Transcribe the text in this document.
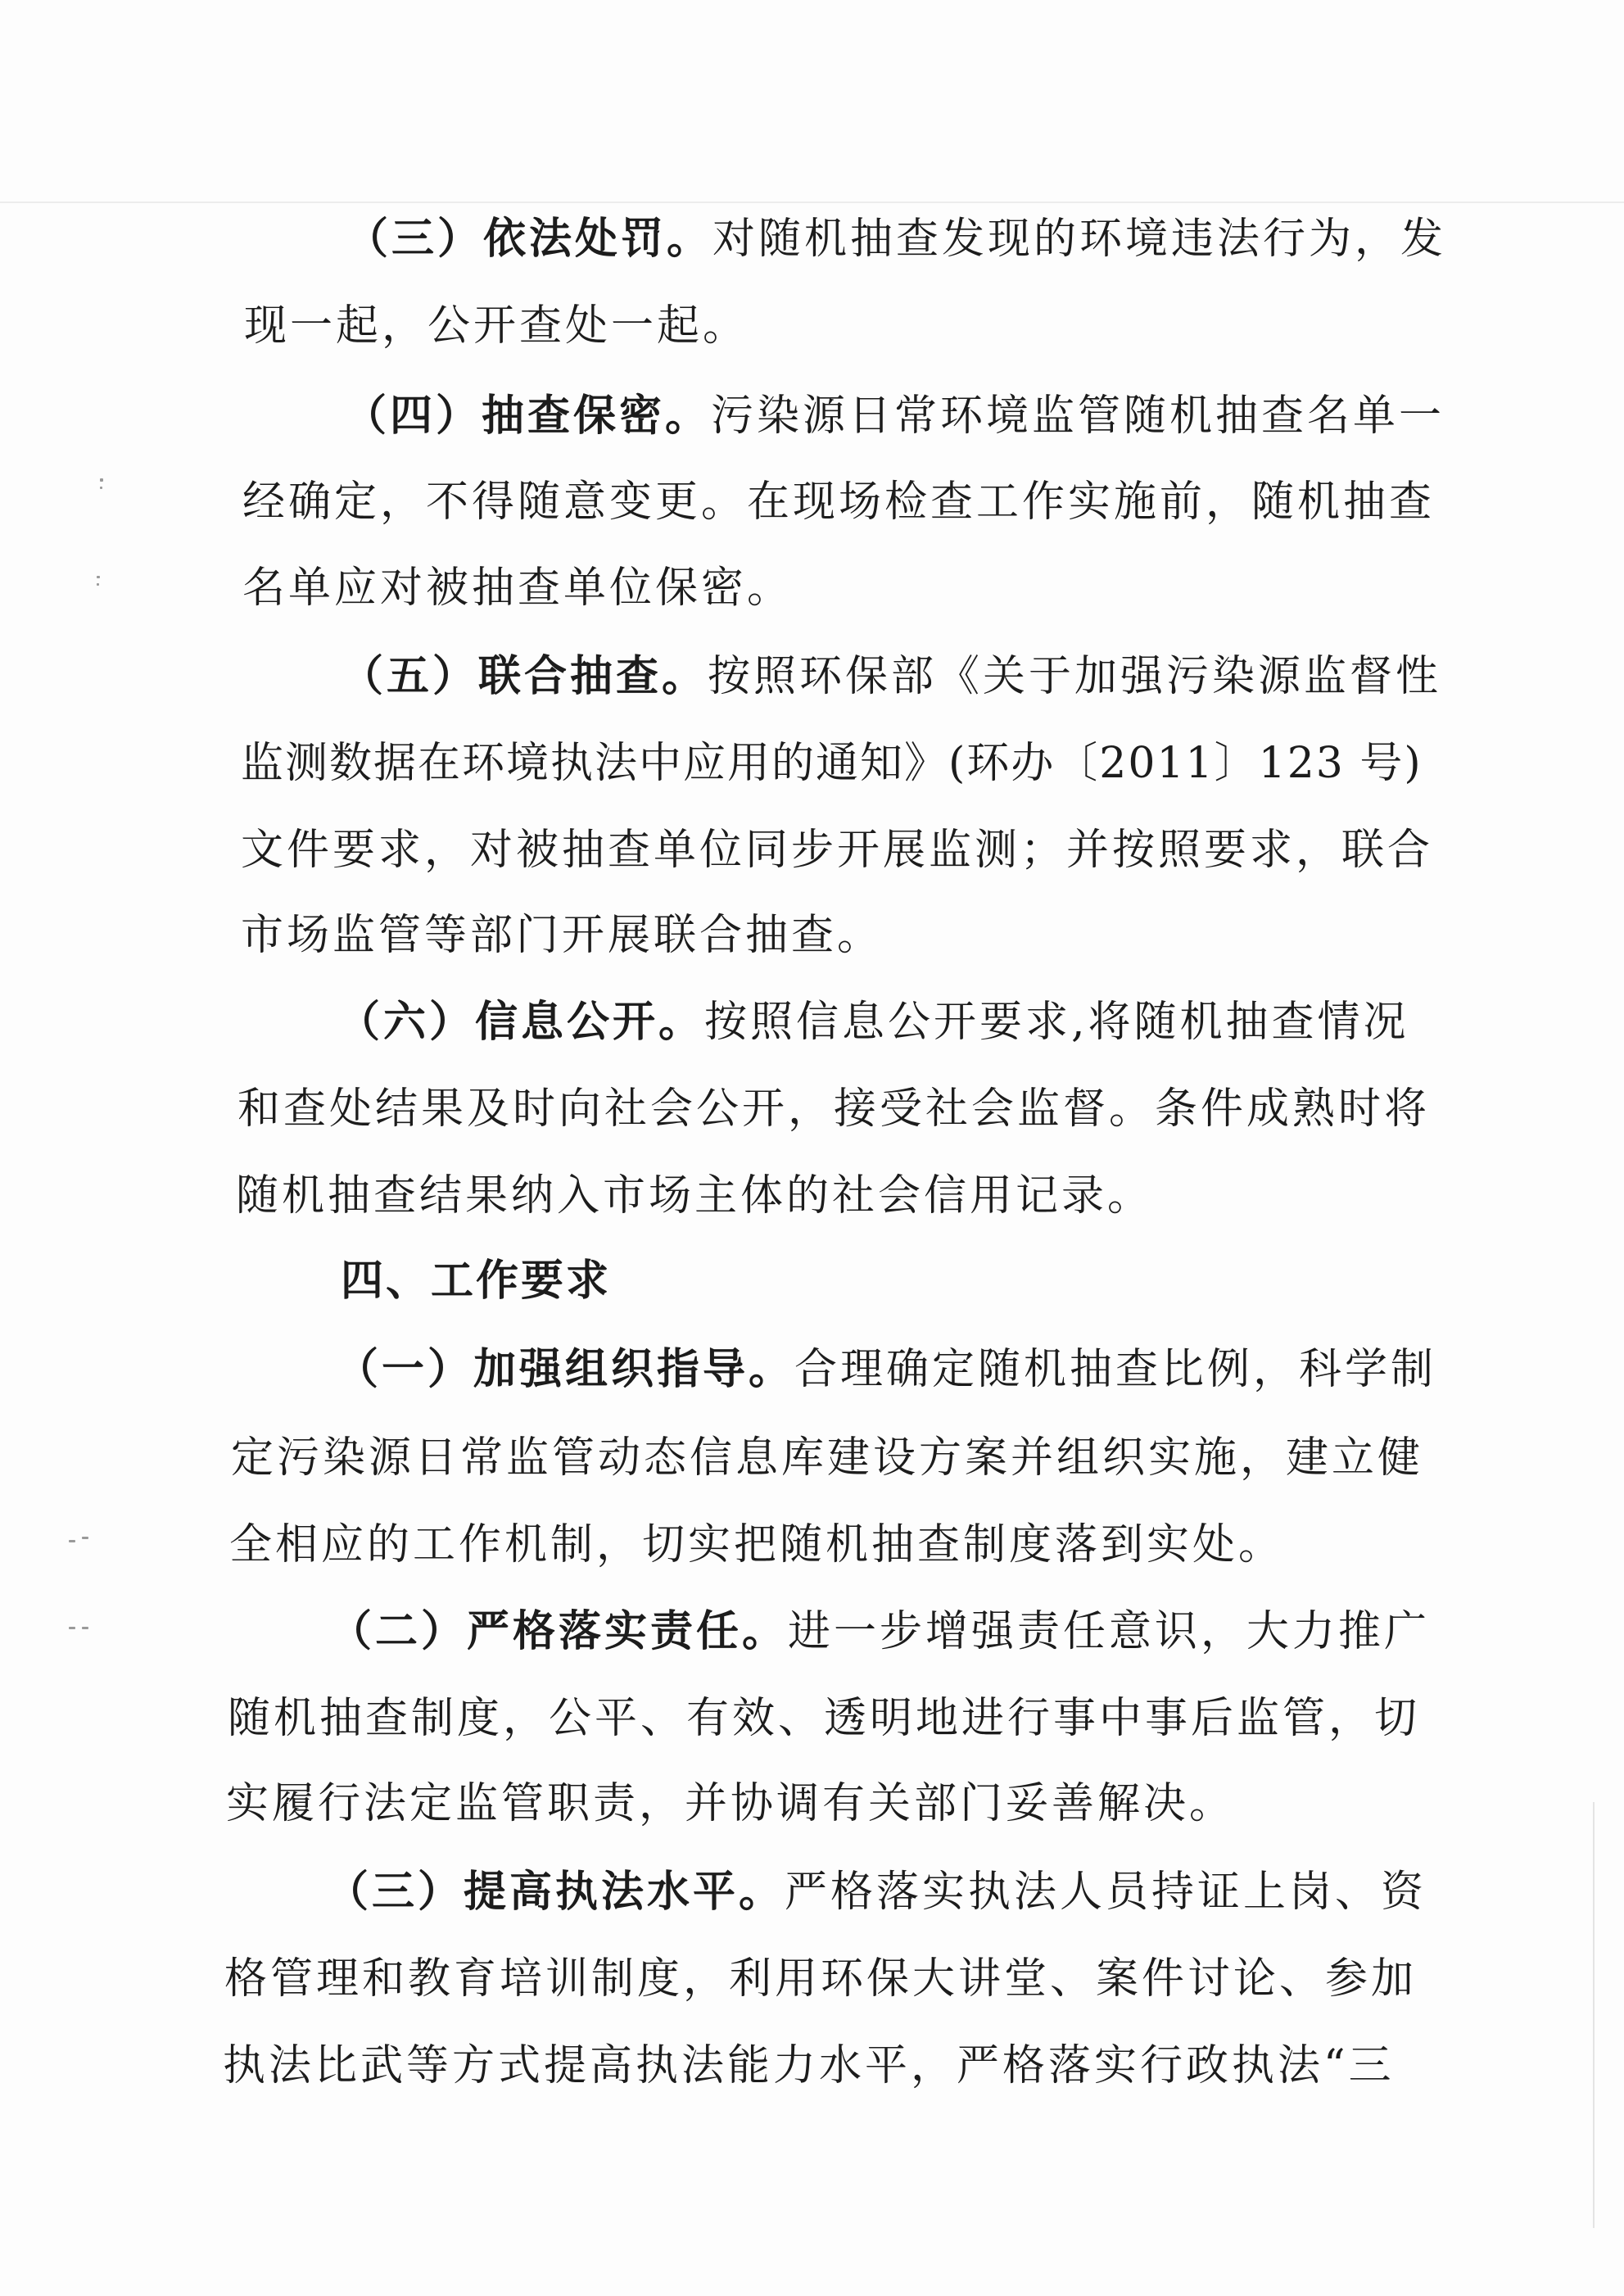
（三）依法处罚。对随机抽查发现的环境违法行为，发
现一起，公开查处一起。
（四）抽查保密。污染源日常环境监管随机抽查名单一
经确定，不得随意变更。在现场检查工作实施前，随机抽查
名单应对被抽查单位保密。
（五）联合抽查。按照环保部《关于加强污染源监督性
监测数据在环境执法中应用的通知》(环办〔2011〕123 号)
文件要求，对被抽查单位同步开展监测；并按照要求，联合
市场监管等部门开展联合抽查。
（六）信息公开。按照信息公开要求,将随机抽查情况
和查处结果及时向社会公开，接受社会监督。条件成熟时将
随机抽查结果纳入市场主体的社会信用记录。
四、工作要求
（一）加强组织指导。合理确定随机抽查比例，科学制
定污染源日常监管动态信息库建设方案并组织实施，建立健
全相应的工作机制，切实把随机抽查制度落到实处。
（二）严格落实责任。进一步增强责任意识，大力推广
随机抽查制度，公平、有效、透明地进行事中事后监管，切
实履行法定监管职责，并协调有关部门妥善解决。
（三）提高执法水平。严格落实执法人员持证上岗、资
格管理和教育培训制度，利用环保大讲堂、案件讨论、参加
执法比武等方式提高执法能力水平，严格落实行政执法“三
